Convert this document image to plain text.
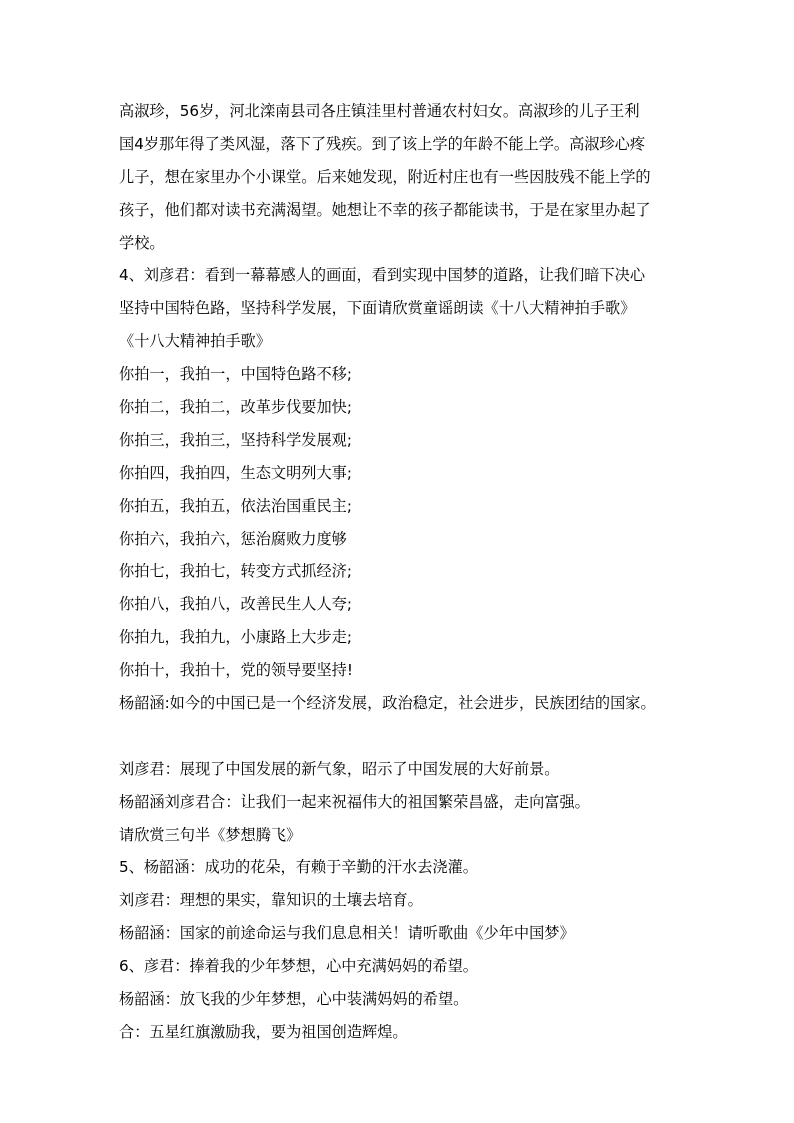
高淑珍，56岁，河北滦南县司各庄镇洼里村普通农村妇女。高淑珍的儿子王利
国4岁那年得了类风湿，落下了残疾。到了该上学的年龄不能上学。高淑珍心疼
儿子，想在家里办个小课堂。后来她发现，附近村庄也有一些因肢残不能上学的
孩子，他们都对读书充满渴望。她想让不幸的孩子都能读书，于是在家里办起了
学校。
4、刘彦君：看到一幕幕感人的画面，看到实现中国梦的道路，让我们暗下决心
坚持中国特色路，坚持科学发展，下面请欣赏童谣朗读《十八大精神拍手歌》
《十八大精神拍手歌》
你拍一，我拍一，中国特色路不移;
你拍二，我拍二，改革步伐要加快;
你拍三，我拍三，坚持科学发展观;
你拍四，我拍四，生态文明列大事;
你拍五，我拍五，依法治国重民主;
你拍六，我拍六，惩治腐败力度够
你拍七，我拍七，转变方式抓经济;
你拍八，我拍八，改善民生人人夸;
你拍九，我拍九，小康路上大步走;
你拍十，我拍十，党的领导要坚持!
杨韶涵:如今的中国已是一个经济发展，政治稳定，社会进步，民族团结的国家。
刘彦君：展现了中国发展的新气象，昭示了中国发展的大好前景。
杨韶涵刘彦君合：让我们一起来祝福伟大的祖国繁荣昌盛，走向富强。
请欣赏三句半《梦想腾飞》
5、杨韶涵：成功的花朵，有赖于辛勤的汗水去浇灌。
刘彦君：理想的果实，靠知识的土壤去培育。
杨韶涵：国家的前途命运与我们息息相关！请听歌曲《少年中国梦》
6、彦君：捧着我的少年梦想，心中充满妈妈的希望。
杨韶涵：放飞我的少年梦想，心中装满妈妈的希望。
合：五星红旗激励我，要为祖国创造辉煌。
